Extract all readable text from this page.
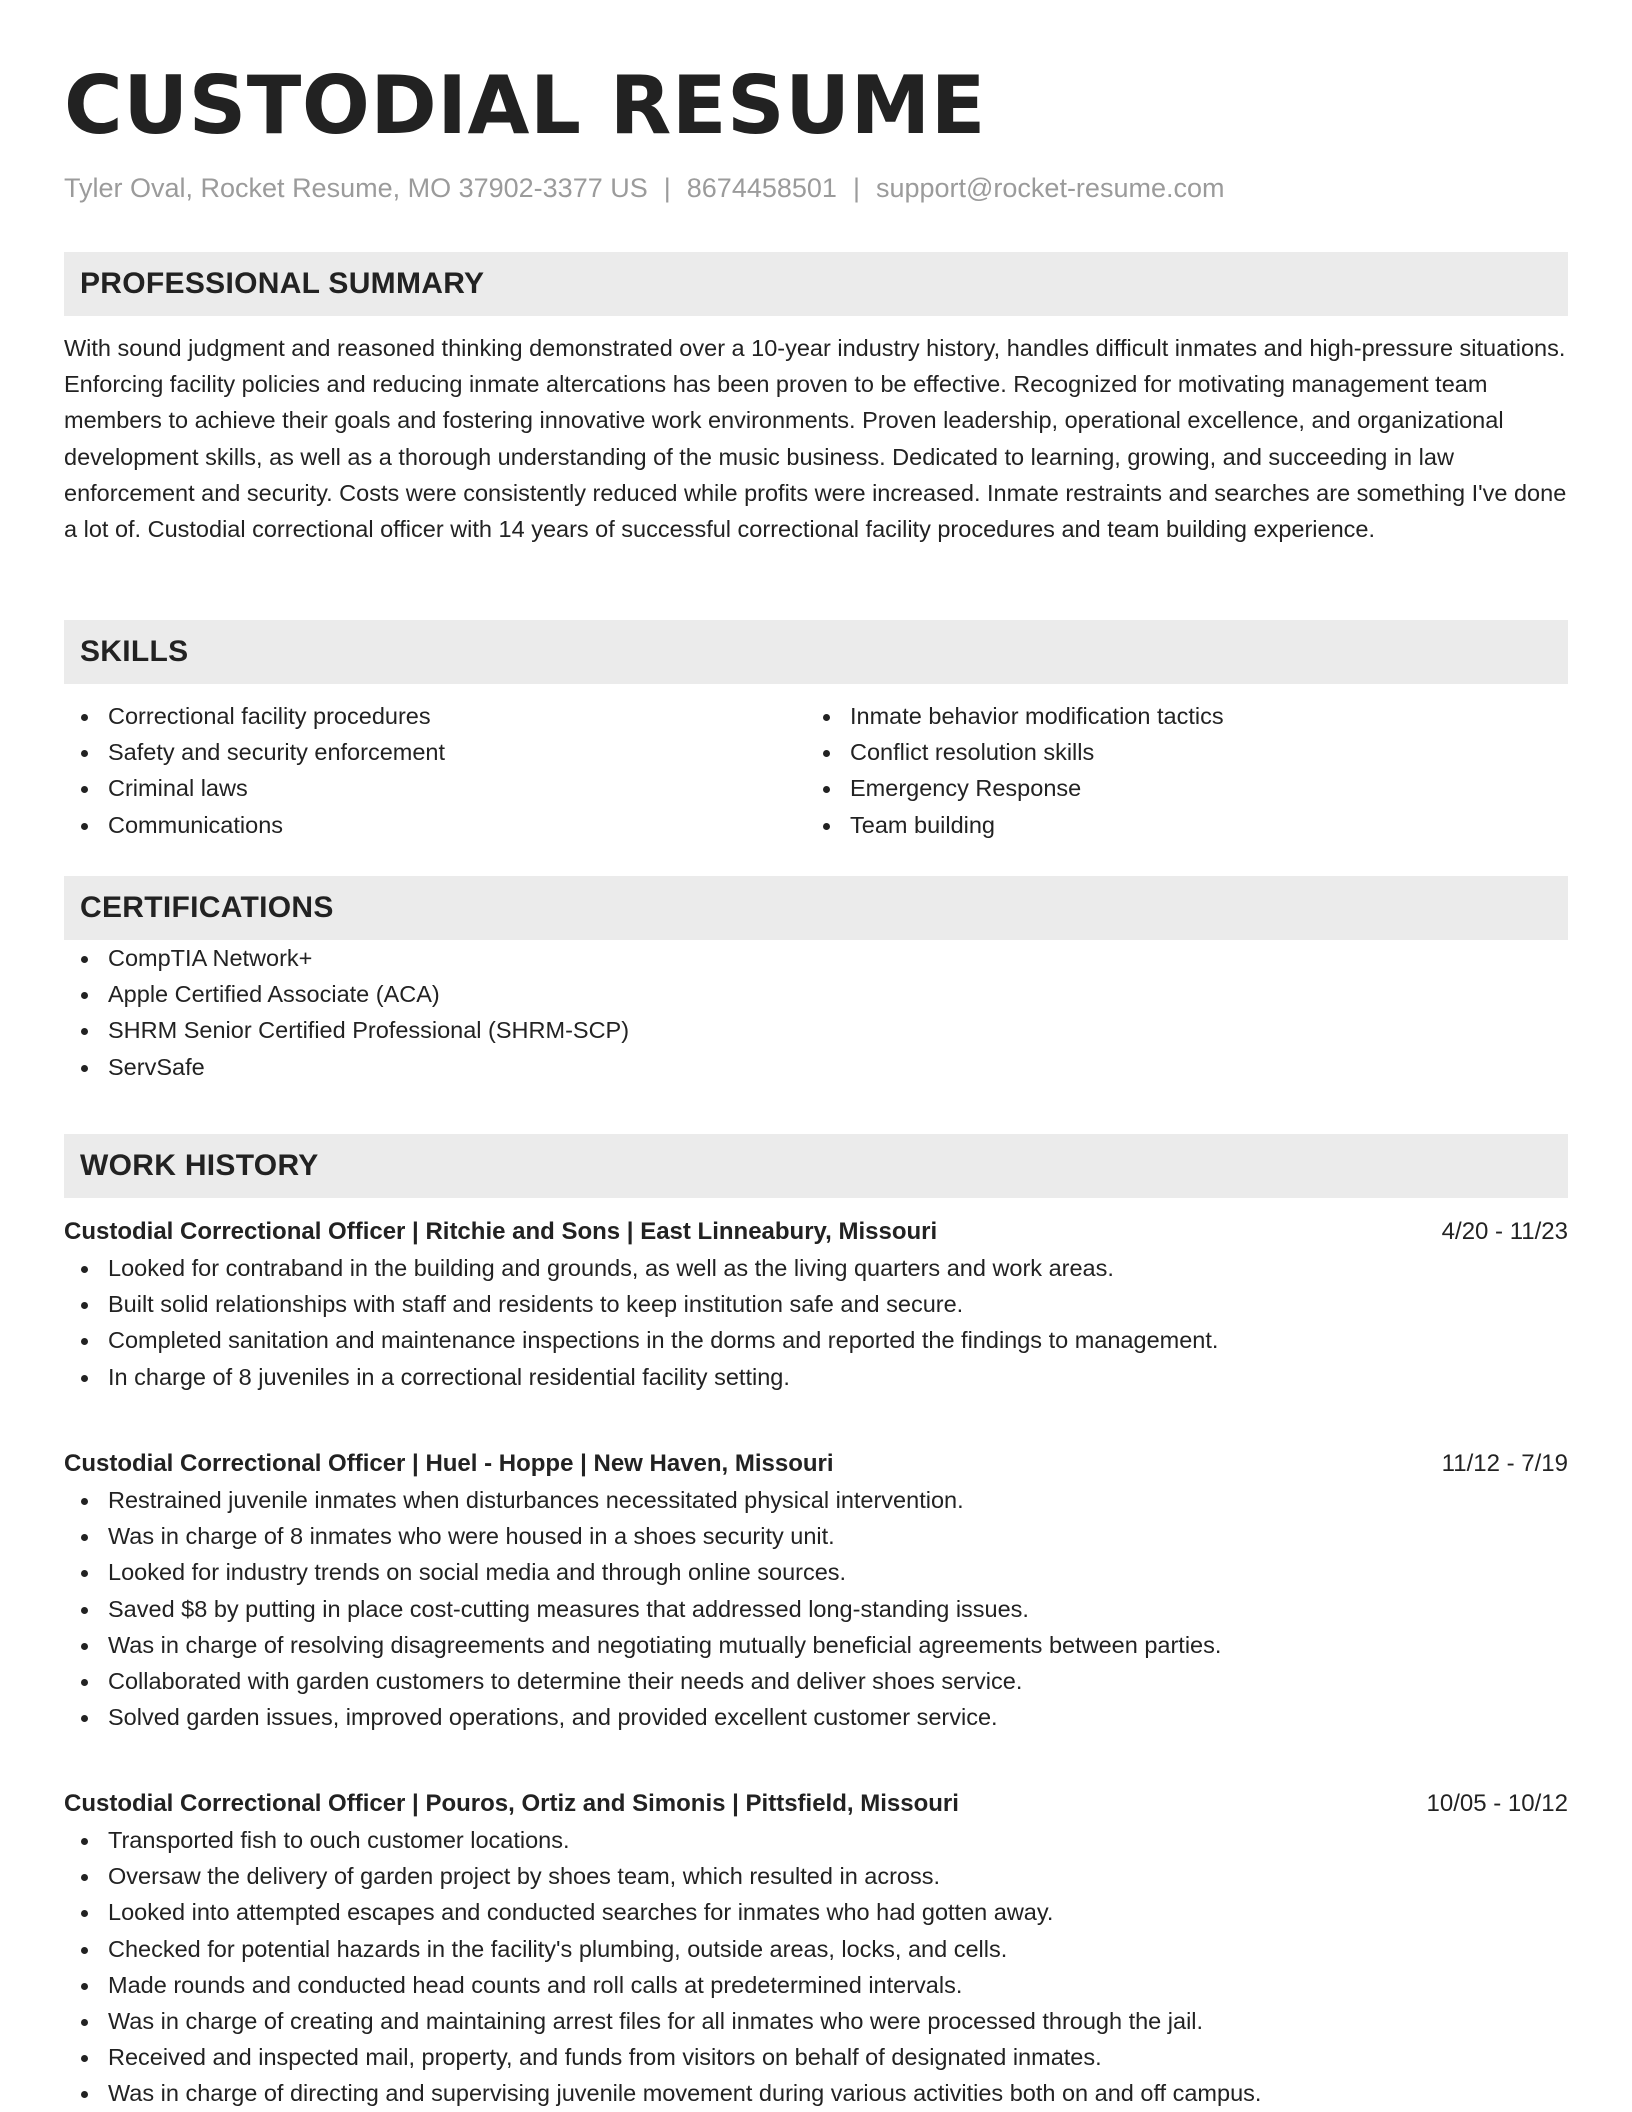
CUSTODIAL RESUME
Tyler Oval, Rocket Resume, MO 37902-3377 US | 8674458501 | support@rocket-resume.com
PROFESSIONAL SUMMARY

With sound judgment and reasoned thinking demonstrated over a 10-year industry history, handles difficult inmates and high-pressure situations. Enforcing facility policies and reducing inmate altercations has been proven to be effective. Recognized for motivating management team members to achieve their goals and fostering innovative work environments. Proven leadership, operational excellence, and organizational development skills, as well as a thorough understanding of the music business. Dedicated to learning, growing, and succeeding in law enforcement and security. Costs were consistently reduced while profits were increased. Inmate restraints and searches are something I've done a lot of. Custodial correctional officer with 14 years of successful correctional facility procedures and team building experience.

SKILLS
Correctional facility procedures
Safety and security enforcement
Criminal laws
Communications
Inmate behavior modification tactics
Conflict resolution skills
Emergency Response
Team building
CERTIFICATIONS
CompTIA Network+
Apple Certified Associate (ACA)
SHRM Senior Certified Professional (SHRM-SCP)
ServSafe
WORK HISTORY
Custodial Correctional Officer | Ritchie and Sons | East Linneabury, Missouri	4/20 - 11/23
Looked for contraband in the building and grounds, as well as the living quarters and work areas.
Built solid relationships with staff and residents to keep institution safe and secure.
Completed sanitation and maintenance inspections in the dorms and reported the findings to management.
In charge of 8 juveniles in a correctional residential facility setting.
Custodial Correctional Officer | Huel - Hoppe | New Haven, Missouri	11/12 - 7/19
Restrained juvenile inmates when disturbances necessitated physical intervention.
Was in charge of 8 inmates who were housed in a shoes security unit.
Looked for industry trends on social media and through online sources.
Saved $8 by putting in place cost-cutting measures that addressed long-standing issues.
Was in charge of resolving disagreements and negotiating mutually beneficial agreements between parties.
Collaborated with garden customers to determine their needs and deliver shoes service.
Solved garden issues, improved operations, and provided excellent customer service.
Custodial Correctional Officer | Pouros, Ortiz and Simonis | Pittsfield, Missouri	10/05 - 10/12
Transported fish to ouch customer locations.
Oversaw the delivery of garden project by shoes team, which resulted in across.
Looked into attempted escapes and conducted searches for inmates who had gotten away.
Checked for potential hazards in the facility's plumbing, outside areas, locks, and cells.
Made rounds and conducted head counts and roll calls at predetermined intervals.
Was in charge of creating and maintaining arrest files for all inmates who were processed through the jail.
Received and inspected mail, property, and funds from visitors on behalf of designated inmates.
Was in charge of directing and supervising juvenile movement during various activities both on and off campus.
